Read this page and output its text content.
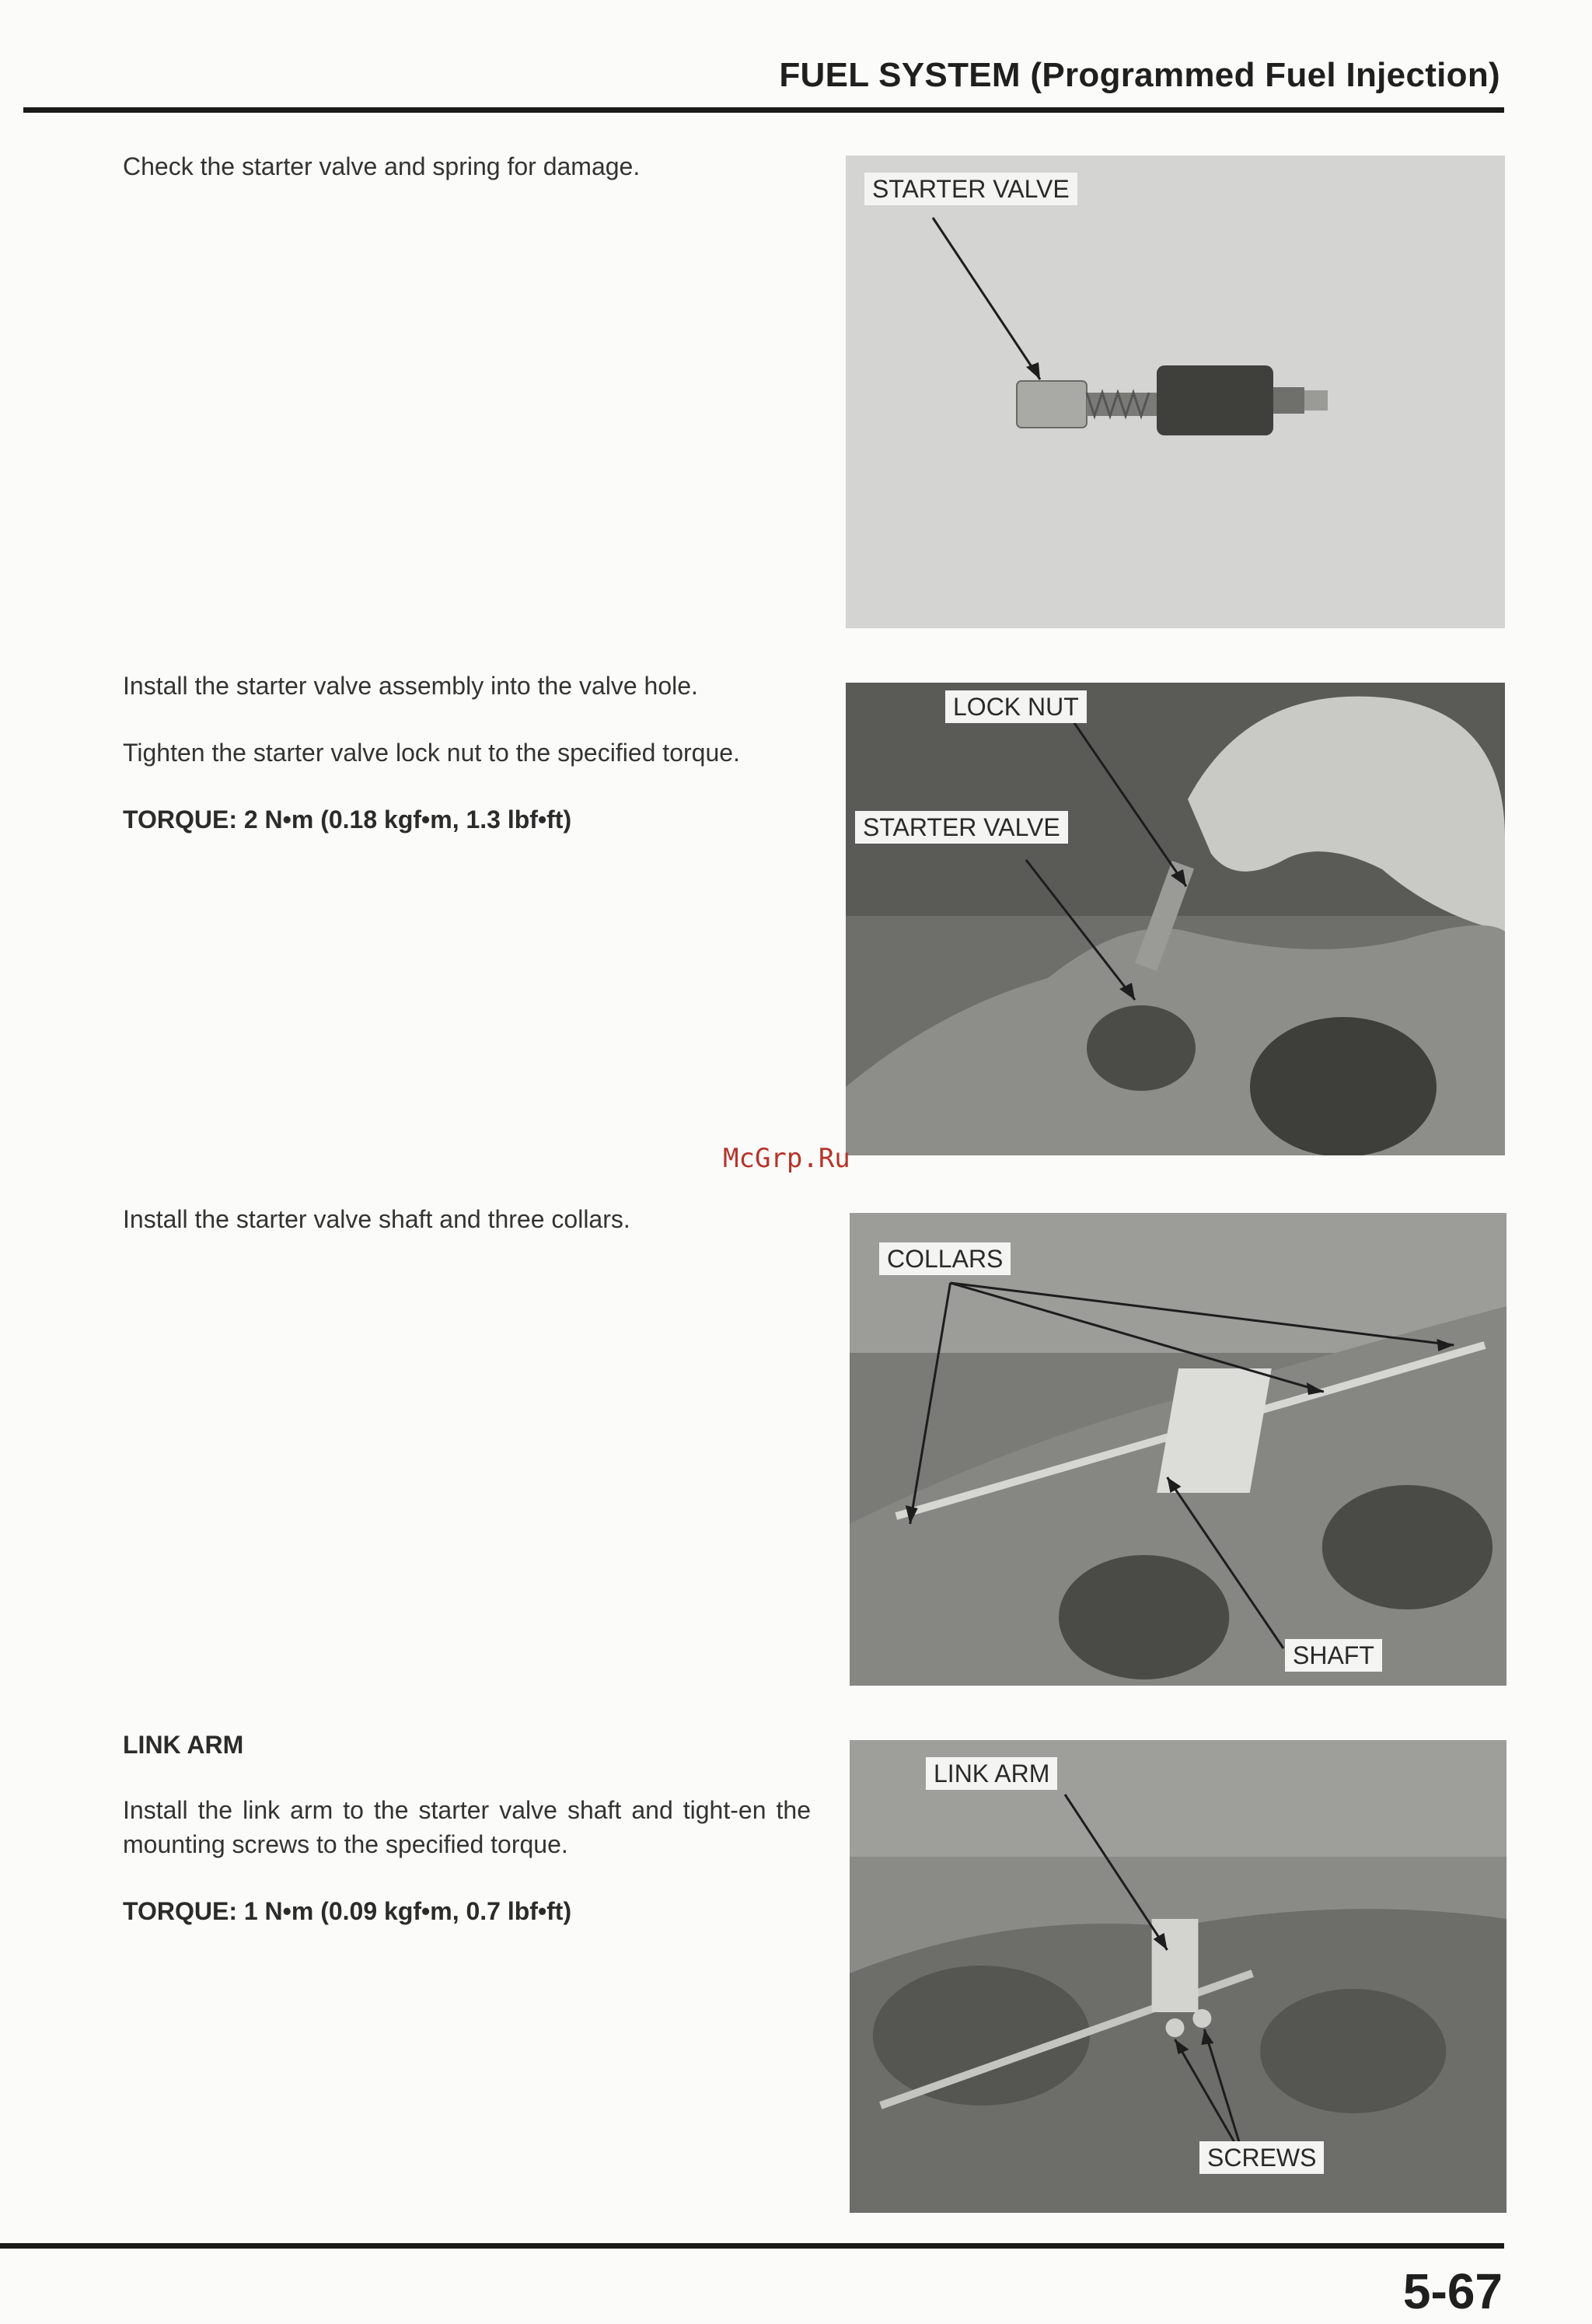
FUEL SYSTEM (Programmed Fuel Injection)

Check the starter valve and spring for damage.

STARTER VALVE

Install the starter valve assembly into the valve hole.

Tighten the starter valve lock nut to the specified torque.

TORQUE: 2 N•m (0.18 kgf•m, 1.3 lbf•ft)

LOCK NUT
STARTER VALVE

McGrp.Ru

Install the starter valve shaft and three collars.

COLLARS
SHAFT

LINK ARM

Install the link arm to the starter valve shaft and tight-en the mounting screws to the specified torque.

TORQUE: 1 N•m (0.09 kgf•m, 0.7 lbf•ft)

LINK ARM
SCREWS

5-67
